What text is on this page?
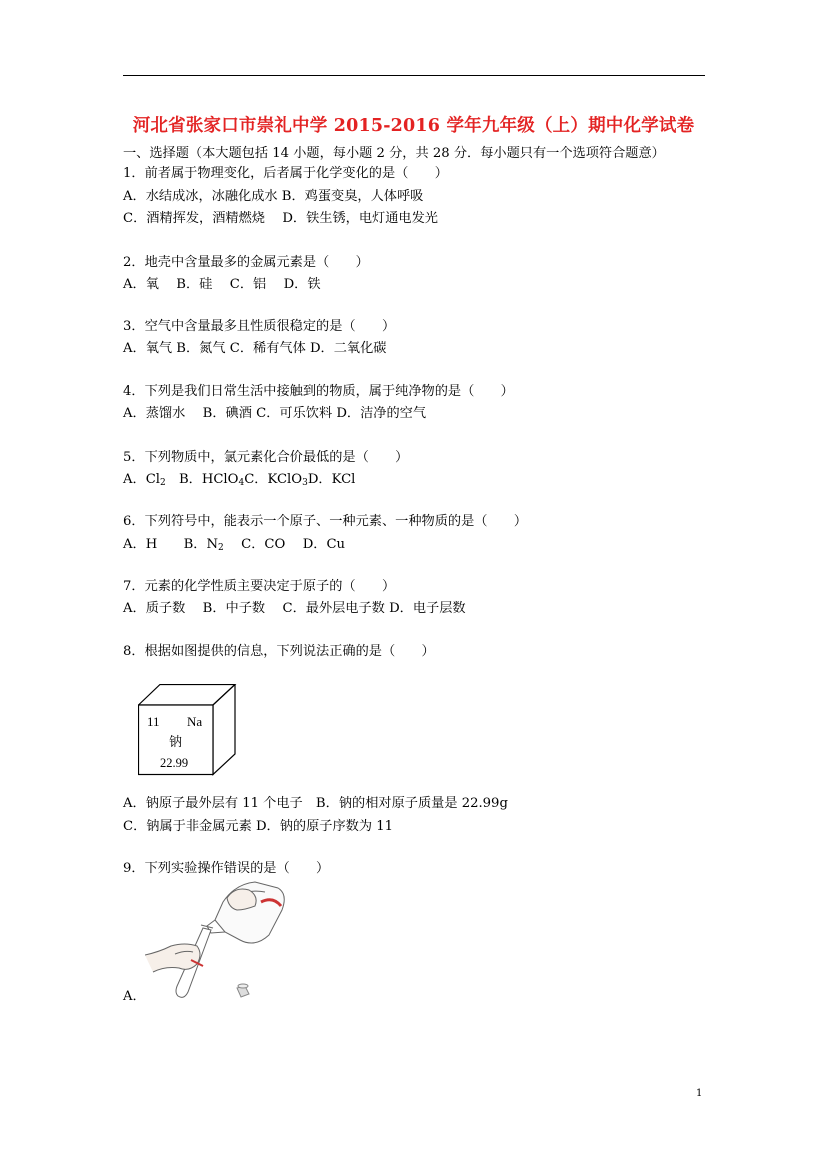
河北省张家口市崇礼中学 2015-2016 学年九年级（上）期中化学试卷
一、选择题（本大题包括 14 小题，每小题 2 分，共 28 分．每小题只有一个选项符合题意）
1．前者属于物理变化，后者属于化学变化的是（　　）
A．水结成冰，冰融化成水 B．鸡蛋变臭，人体呼吸
C．酒精挥发，酒精燃烧　 D．铁生锈，电灯通电发光
2．地壳中含量最多的金属元素是（　　）
A．氧　 B．硅　 C．铝　 D．铁
3．空气中含量最多且性质很稳定的是（　　）
A．氧气 B．氮气 C．稀有气体 D．二氧化碳
4．下列是我们日常生活中接触到的物质，属于纯净物的是（　　）
A．蒸馏水　 B．碘酒 C．可乐饮料 D．洁净的空气
5．下列物质中，氯元素化合价最低的是（　　）
A．$Cl_2$　B．HClO$_4$C．KClO$_3$D．KCl
6．下列符号中，能表示一个原子、一种元素、一种物质的是（　　）
A．H　　B．$N_2$　 C．CO　 D．Cu
7．元素的化学性质主要决定于原子的（　　）
A．质子数　 B．中子数　 C．最外层电子数 D．电子层数
8．根据如图提供的信息，下列说法正确的是（　　）
11 Na
钠
22.99
A．钠原子最外层有 11 个电子　B．钠的相对原子质量是 22.99g
C．钠属于非金属元素 D．钠的原子序数为 11
9．下列实验操作错误的是（　　）
A．
1
